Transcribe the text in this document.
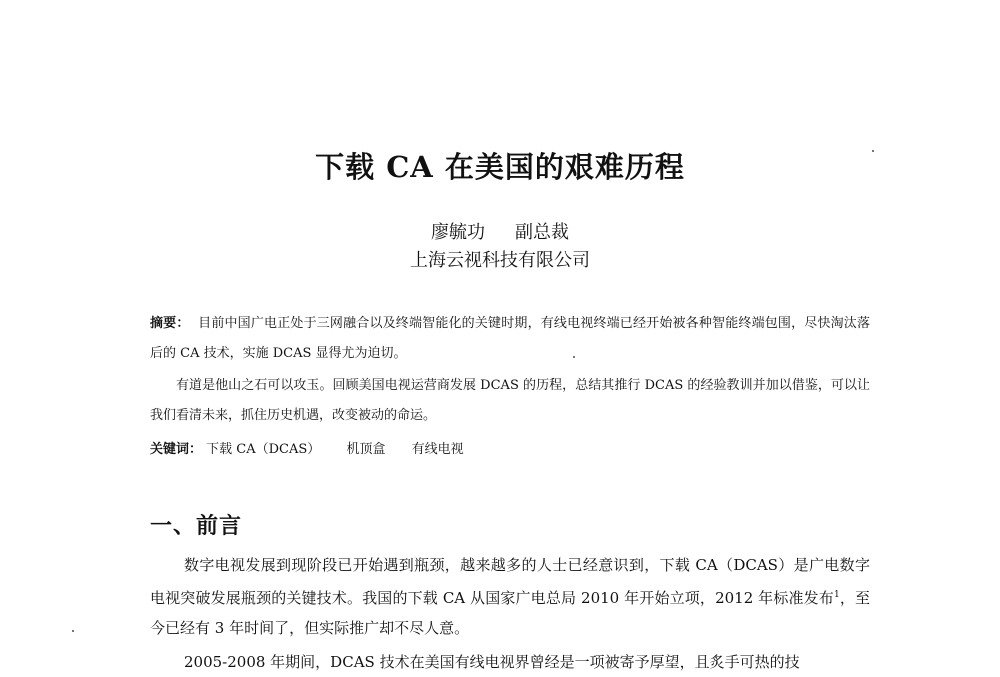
下载 CA 在美国的艰难历程
廖毓功 副总裁
上海云视科技有限公司
摘要： 目前中国广电正处于三网融合以及终端智能化的关键时期，有线电视终端已经开始被各种智能终端包围，尽快淘汰落后的 CA 技术，实施 DCAS 显得尤为迫切。
有道是他山之石可以攻玉。回顾美国电视运营商发展 DCAS 的历程，总结其推行 DCAS 的经验教训并加以借鉴，可以让我们看清未来，抓住历史机遇，改变被动的命运。
关键词： 下载 CA（DCAS） 机顶盒 有线电视
一、前言
数字电视发展到现阶段已开始遇到瓶颈，越来越多的人士已经意识到，下载 CA（DCAS）是广电数字电视突破发展瓶颈的关键技术。我国的下载 CA 从国家广电总局 2010 年开始立项，2012 年标准发布$^1$，至今已经有 3 年时间了，但实际推广却不尽人意。
2005-2008 年期间，DCAS 技术在美国有线电视界曾经是一项被寄予厚望，且炙手可热的技
